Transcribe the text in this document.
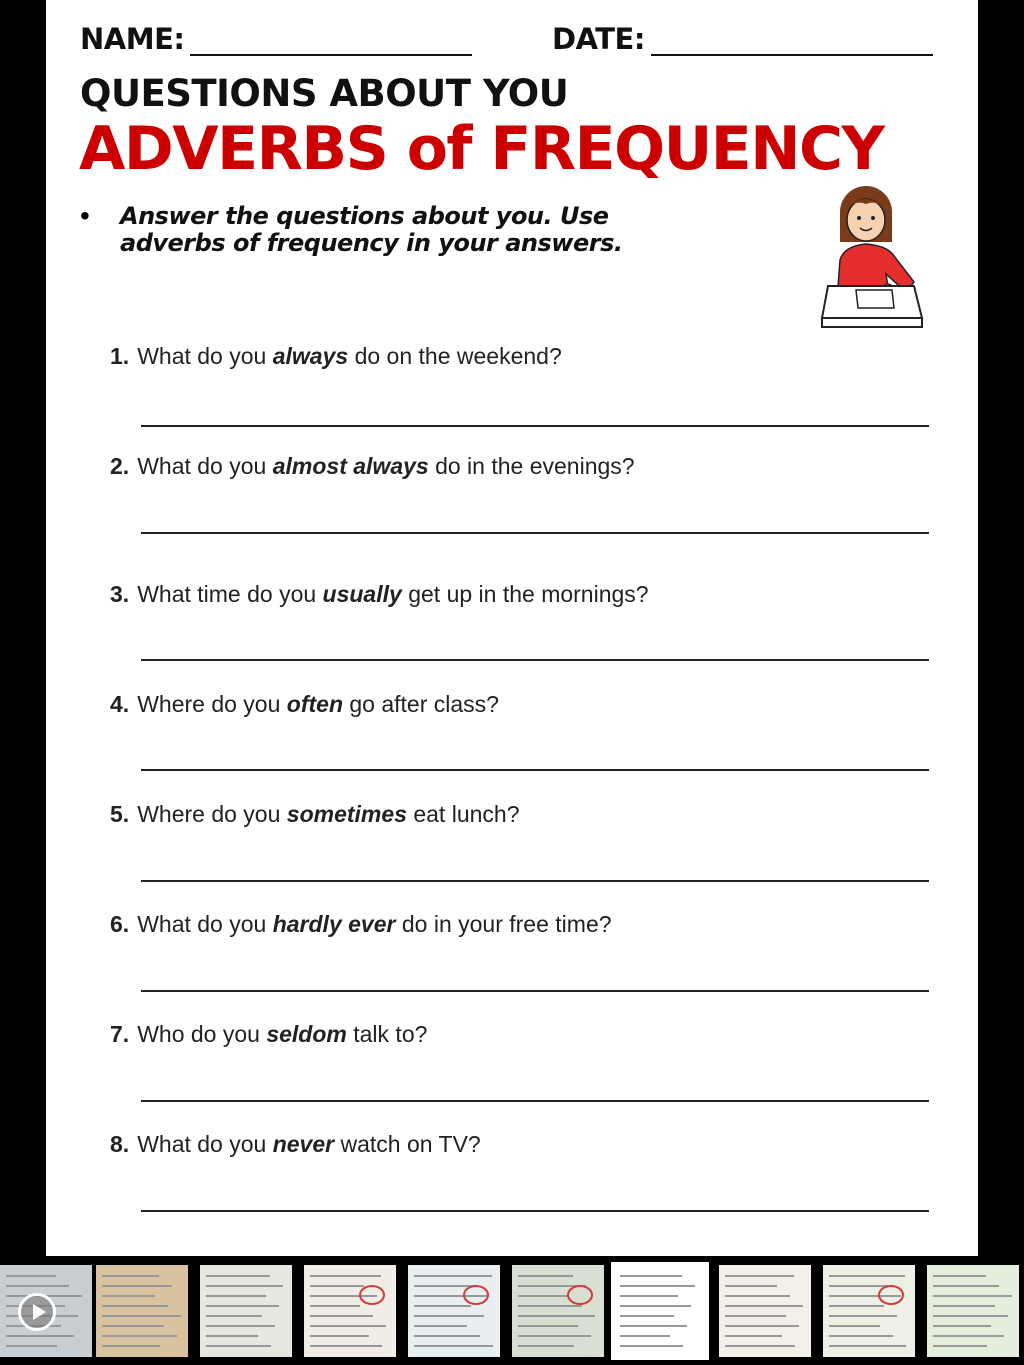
NAME:	DATE:
QUESTIONS ABOUT YOU
ADVERBS of FREQUENCY
• Answer the questions about you. Use adverbs of frequency in your answers.
1. What do you always do on the weekend?
2. What do you almost always do in the evenings?
3. What time do you usually get up in the mornings?
4. Where do you often go after class?
5. Where do you sometimes eat lunch?
6. What do you hardly ever do in your free time?
7. Who do you seldom talk to?
8. What do you never watch on TV?
